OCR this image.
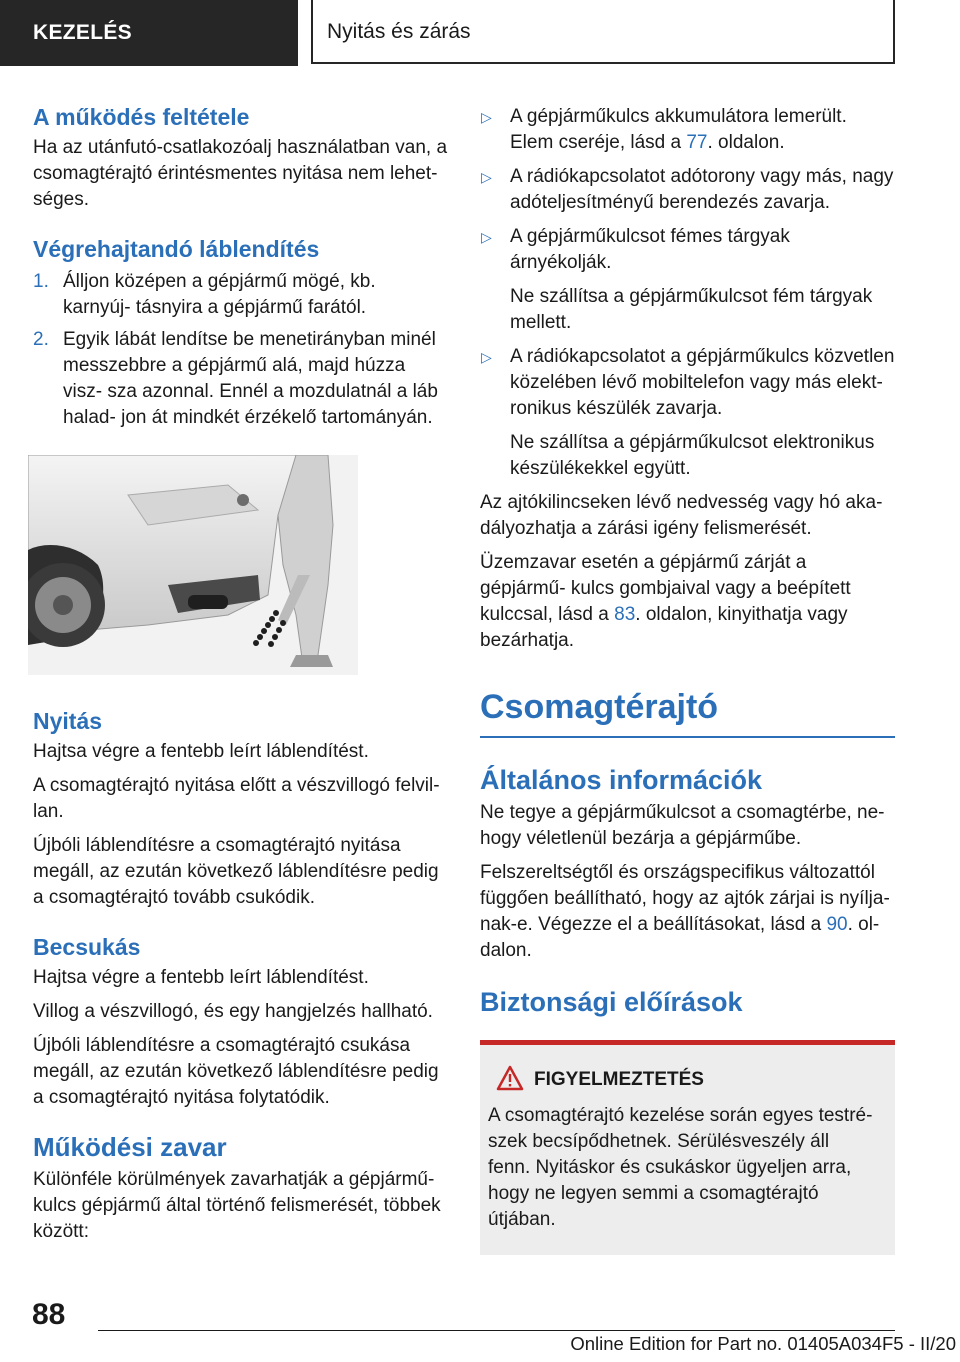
KEZELÉS	Nyitás és zárás
A működés feltétele

Ha az utánfutó-csatlakozóalj használatban van, a csomagtérajtó érintésmentes nyitása nem lehet- séges.

Végrehajtandó láblendítés
1. Álljon középen a gépjármű mögé, kb. karnyúj- tásnyira a gépjármű farától.
2. Egyik lábát lendítse be menetirányban minél messzebbre a gépjármű alá, majd húzza visz- sza azonnal. Ennél a mozdulatnál a láb halad- jon át mindkét érzékelő tartományán.
Nyitás

Hajtsa végre a fentebb leírt láblendítést.

A csomagtérajtó nyitása előtt a vészvillogó felvil- lan.

Újbóli láblendítésre a csomagtérajtó nyitása megáll, az ezután következő láblendítésre pedig a csomagtérajtó tovább csukódik.

Becsukás

Hajtsa végre a fentebb leírt láblendítést.

Villog a vészvillogó, és egy hangjelzés hallható.

Újbóli láblendítésre a csomagtérajtó csukása megáll, az ezután következő láblendítésre pedig a csomagtérajtó nyitása folytatódik.

Működési zavar

Különféle körülmények zavarhatják a gépjármű- kulcs gépjármű által történő felismerését, többek között:

▷ A gépjárműkulcs akkumulátora lemerült.
Elem cseréje, lásd a 77. oldalon.
▷ A rádiókapcsolatot adótorony vagy más, nagy adóteljesítményű berendezés zavarja.
▷ A gépjárműkulcsot fémes tárgyak árnyékolják.
Ne szállítsa a gépjárműkulcsot fém tárgyak mellett.
▷ A rádiókapcsolatot a gépjárműkulcs közvetlen közelében lévő mobiltelefon vagy más elekt- ronikus készülék zavarja.
Ne szállítsa a gépjárműkulcsot elektronikus készülékekkel együtt.

Az ajtókilincseken lévő nedvesség vagy hó aka- dályozhatja a zárási igény felismerését.

Üzemzavar esetén a gépjármű zárját a gépjármű- kulcs gombjaival vagy a beépített kulccsal, lásd a 83. oldalon, kinyithatja vagy bezárhatja.

Csomagtérajtó
Általános információk

Ne tegye a gépjárműkulcsot a csomagtérbe, ne- hogy véletlenül bezárja a gépjárműbe.

Felszereltségtől és országspecifikus változattól függően beállítható, hogy az ajtók zárjai is nyílja- nak-e. Végezze el a beállításokat, lásd a 90. ol- dalon.

Biztonsági előírások
FIGYELMEZTETÉS

A csomagtérajtó kezelése során egyes testré- szek becsípődhetnek. Sérülésveszély áll fenn. Nyitáskor és csukáskor ügyeljen arra, hogy ne legyen semmi a csomagtérajtó útjában.

88
Online Edition for Part no. 01405A034F5 - II/20
